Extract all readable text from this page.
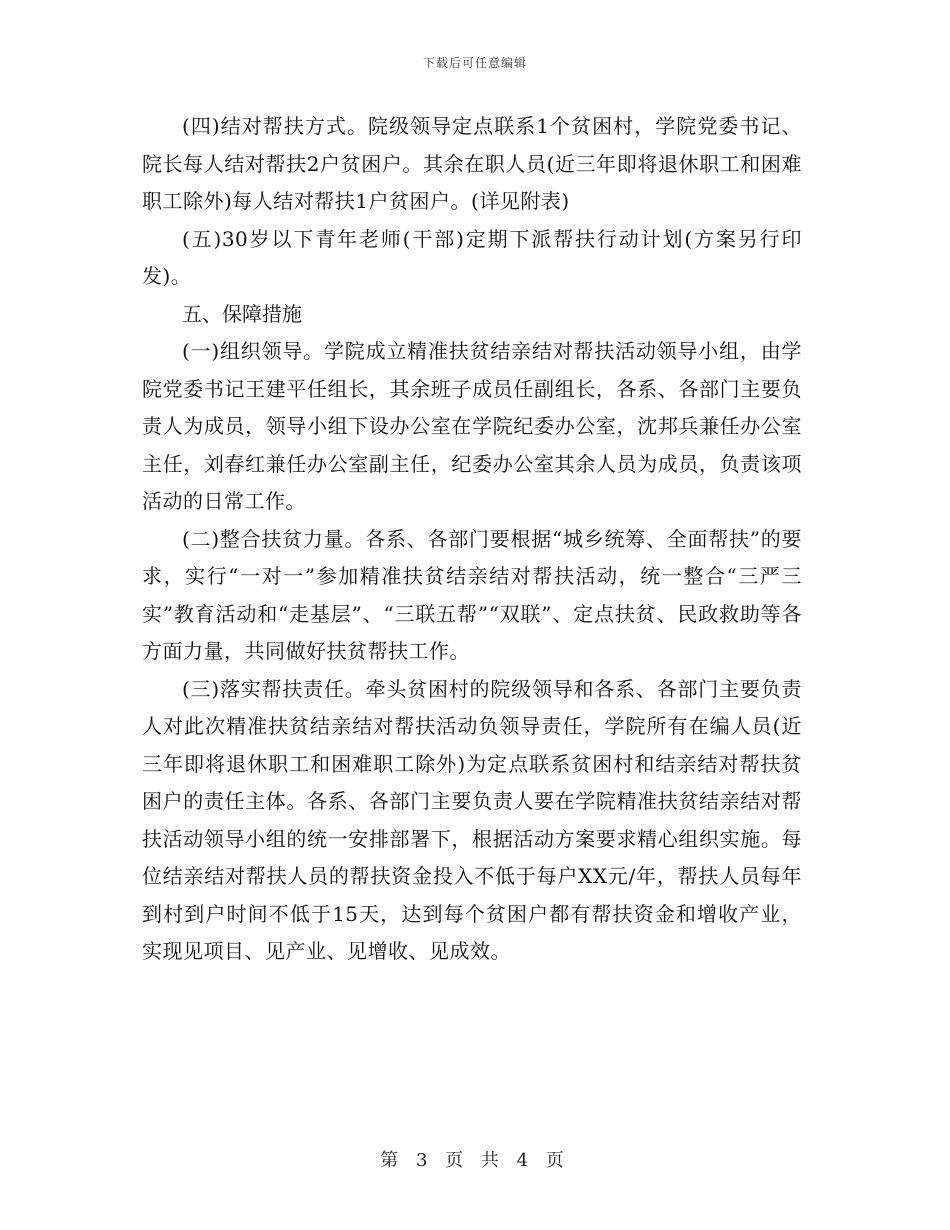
下载后可任意编辑

(四)结对帮扶方式。院级领导定点联系1个贫困村，学院党委书记、院长每人结对帮扶2户贫困户。其余在职人员(近三年即将退休职工和困难职工除外)每人结对帮扶1户贫困户。(详见附表)

(五)30岁以下青年老师(干部)定期下派帮扶行动计划(方案另行印发)。

五、保障措施

(一)组织领导。学院成立精准扶贫结亲结对帮扶活动领导小组，由学院党委书记王建平任组长，其余班子成员任副组长，各系、各部门主要负责人为成员，领导小组下设办公室在学院纪委办公室，沈邦兵兼任办公室主任，刘春红兼任办公室副主任，纪委办公室其余人员为成员，负责该项活动的日常工作。

(二)整合扶贫力量。各系、各部门要根据“城乡统筹、全面帮扶”的要求，实行“一对一”参加精准扶贫结亲结对帮扶活动，统一整合“三严三实”教育活动和“走基层”、“三联五帮”“双联”、定点扶贫、民政救助等各方面力量，共同做好扶贫帮扶工作。

(三)落实帮扶责任。牵头贫困村的院级领导和各系、各部门主要负责人对此次精准扶贫结亲结对帮扶活动负领导责任，学院所有在编人员(近三年即将退休职工和困难职工除外)为定点联系贫困村和结亲结对帮扶贫困户的责任主体。各系、各部门主要负责人要在学院精准扶贫结亲结对帮扶活动领导小组的统一安排部署下，根据活动方案要求精心组织实施。每位结亲结对帮扶人员的帮扶资金投入不低于每户XX元/年，帮扶人员每年到村到户时间不低于15天，达到每个贫困户都有帮扶资金和增收产业，实现见项目、见产业、见增收、见成效。

第 3 页 共 4 页
